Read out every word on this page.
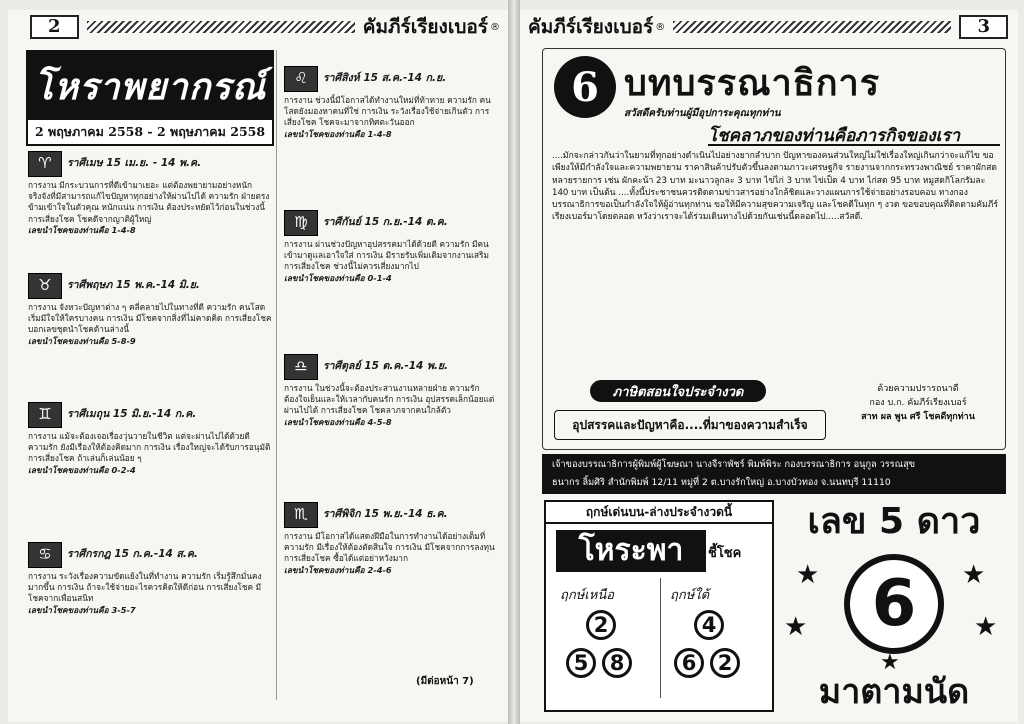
2	คัมภีร์เรียงเบอร์ ®
โหราพยากรณ์
2 พฤษภาคม 2558 - 2 พฤษภาคม 2558
♈	ราศีเมษ 15 เม.ย. - 14 พ.ค.
การงาน มีกระบวนการที่ดีเข้ามาเยอะ แต่ต้องพยายามอย่างหนักจริงจังที่มีสามารถแก้ไขปัญหาทุกอย่างให้ผ่านไปได้ ความรัก ฝ่ายตรงข้ามเข้าใจในตัวคุณ หนักแน่น การเงิน ต้องประหยัดไว้ก่อนในช่วงนี้ การเสี่ยงโชค โชคดีจากญาติผู้ใหญ่
เลขนำโชคของท่านคือ 1-4-8
♉	ราศีพฤษภ 15 พ.ค.-14 มิ.ย.
การงาน จังหวะปัญหาต่าง ๆ คลี่คลายไปในทางที่ดี ความรัก คนโสดเริ่มมีใจให้ใครบางคน การเงิน มีโชคจากสิ่งที่ไม่คาดคิด การเสี่ยงโชค บอกเลขชุดนำโชคด้านล่างนี้
เลขนำโชคของท่านคือ 5-8-9
♊	ราศีเมถุน 15 มิ.ย.-14 ก.ค.
การงาน แม้จะต้องเจอเรื่องวุ่นวายในชีวิต แต่จะผ่านไปได้ด้วยดี ความรัก ยังมีเรื่องให้ต้องคิดมาก การเงิน เรื่องใหญ่จะได้รับการอนุมัติ การเสี่ยงโชค ถ้าเล่นก็เล่นน้อย ๆ
เลขนำโชคของท่านคือ 0-2-4
♋	ราศีกรกฎ 15 ก.ค.-14 ส.ค.
การงาน ระวังเรื่องความขัดแย้งในที่ทำงาน ความรัก เริ่มรู้สึกมั่นคงมากขึ้น การเงิน ถ้าจะใช้จ่ายอะไรควรคิดให้ดีก่อน การเสี่ยงโชค มีโชคจากเพื่อนสนิท
เลขนำโชคของท่านคือ 3-5-7
♌	ราศีสิงห์ 15 ส.ค.-14 ก.ย.
การงาน ช่วงนี้มีโอกาสได้ทำงานใหม่ที่ท้าทาย ความรัก คนโสดยังมองหาคนที่ใช่ การเงิน ระวังเรื่องใช้จ่ายเกินตัว การเสี่ยงโชค โชคจะมาจากทิศตะวันออก
เลขนำโชคของท่านคือ 1-4-8
♍	ราศีกันย์ 15 ก.ย.-14 ต.ค.
การงาน ผ่านช่วงปัญหาอุปสรรคมาได้ด้วยดี ความรัก มีคนเข้ามาดูแลเอาใจใส่ การเงิน มีรายรับเพิ่มเติมจากงานเสริม การเสี่ยงโชค ช่วงนี้ไม่ควรเสี่ยงมากไป
เลขนำโชคของท่านคือ 0-1-4
♎	ราศีตุลย์ 15 ต.ค.-14 พ.ย.
การงาน ในช่วงนี้จะต้องประสานงานหลายฝ่าย ความรัก ต้องใจเย็นและให้เวลากับคนรัก การเงิน อุปสรรคเล็กน้อยแต่ผ่านไปได้ การเสี่ยงโชค โชคลาภจากคนใกล้ตัว
เลขนำโชคของท่านคือ 4-5-8
♏	ราศีพิจิก 15 พ.ย.-14 ธ.ค.
การงาน มีโอกาสได้แสดงฝีมือในการทำงานได้อย่างเต็มที่ ความรัก มีเรื่องให้ต้องตัดสินใจ การเงิน มีโชคจากการลงทุน การเสี่ยงโชค ซื้อได้แต่อย่าหวังมาก
เลขนำโชคของท่านคือ 2-4-6
(มีต่อหน้า 7)
คัมภีร์เรียงเบอร์ ®	3
6 บทบรรณาธิการ
สวัสดีครับท่านผู้มีอุปการะคุณทุกท่าน
โชคลาภของท่านคือภารกิจของเรา
....มักจะกล่าวกันว่าในยามที่ทุกอย่างดำเนินไปอย่างยากลำบาก ปัญหาของคนส่วนใหญ่ไม่ใช่เรื่องใหญ่เกินกว่าจะแก้ไข ขอเพียงให้มีกำลังใจและความพยายาม ราคาสินค้าปรับตัวขึ้นลงตามภาวะเศรษฐกิจ รายงานจากกระทรวงพาณิชย์ ราคาผักสดหลายรายการ เช่น ผักคะน้า 23 บาท มะนาวลูกละ 3 บาท ไข่ไก่ 3 บาท ไข่เป็ด 4 บาท ไก่สด 95 บาท หมูสดกิโลกรัมละ 140 บาท เป็นต้น ....ทั้งนี้ประชาชนควรติดตามข่าวสารอย่างใกล้ชิดและวางแผนการใช้จ่ายอย่างรอบคอบ ทางกองบรรณาธิการขอเป็นกำลังใจให้ผู้อ่านทุกท่าน ขอให้มีความสุขความเจริญ และโชคดีในทุก ๆ งวด ขอขอบคุณที่ติดตามคัมภีร์เรียงเบอร์มาโดยตลอด หวังว่าเราจะได้ร่วมเดินทางไปด้วยกันเช่นนี้ตลอดไป.....สวัสดี.
ภาษิตสอนใจประจำงวด
อุปสรรคและปัญหาคือ....ที่มาของความสำเร็จ
ด้วยความปรารถนาดี
กอง บ.ก. คัมภีร์เรียงเบอร์
สาท ผล พูน ศรี โชคดีทุกท่าน
เจ้าของบรรณาธิการผู้พิมพ์ผู้โฆษณา นางจีราพัชร์ พิมพ์พิระ กองบรรณาธิการ อนุกูล วรรณสุข
ธนากร ลิ้มศิริ สำนักพิมพ์ 12/11 หมู่ที่ 2 ต.บางรักใหญ่ อ.บางบัวทอง จ.นนทบุรี 11110
ฤกษ์เด่นบน-ล่างประจำงวดนี้
โหระพา	ชี้โชค
ฤกษ์เหนือ	ฤกษ์ใต้
2
5	8
4
6	2
เลข 5 ดาว
6
★	★
★	★
★
มาตามนัด
